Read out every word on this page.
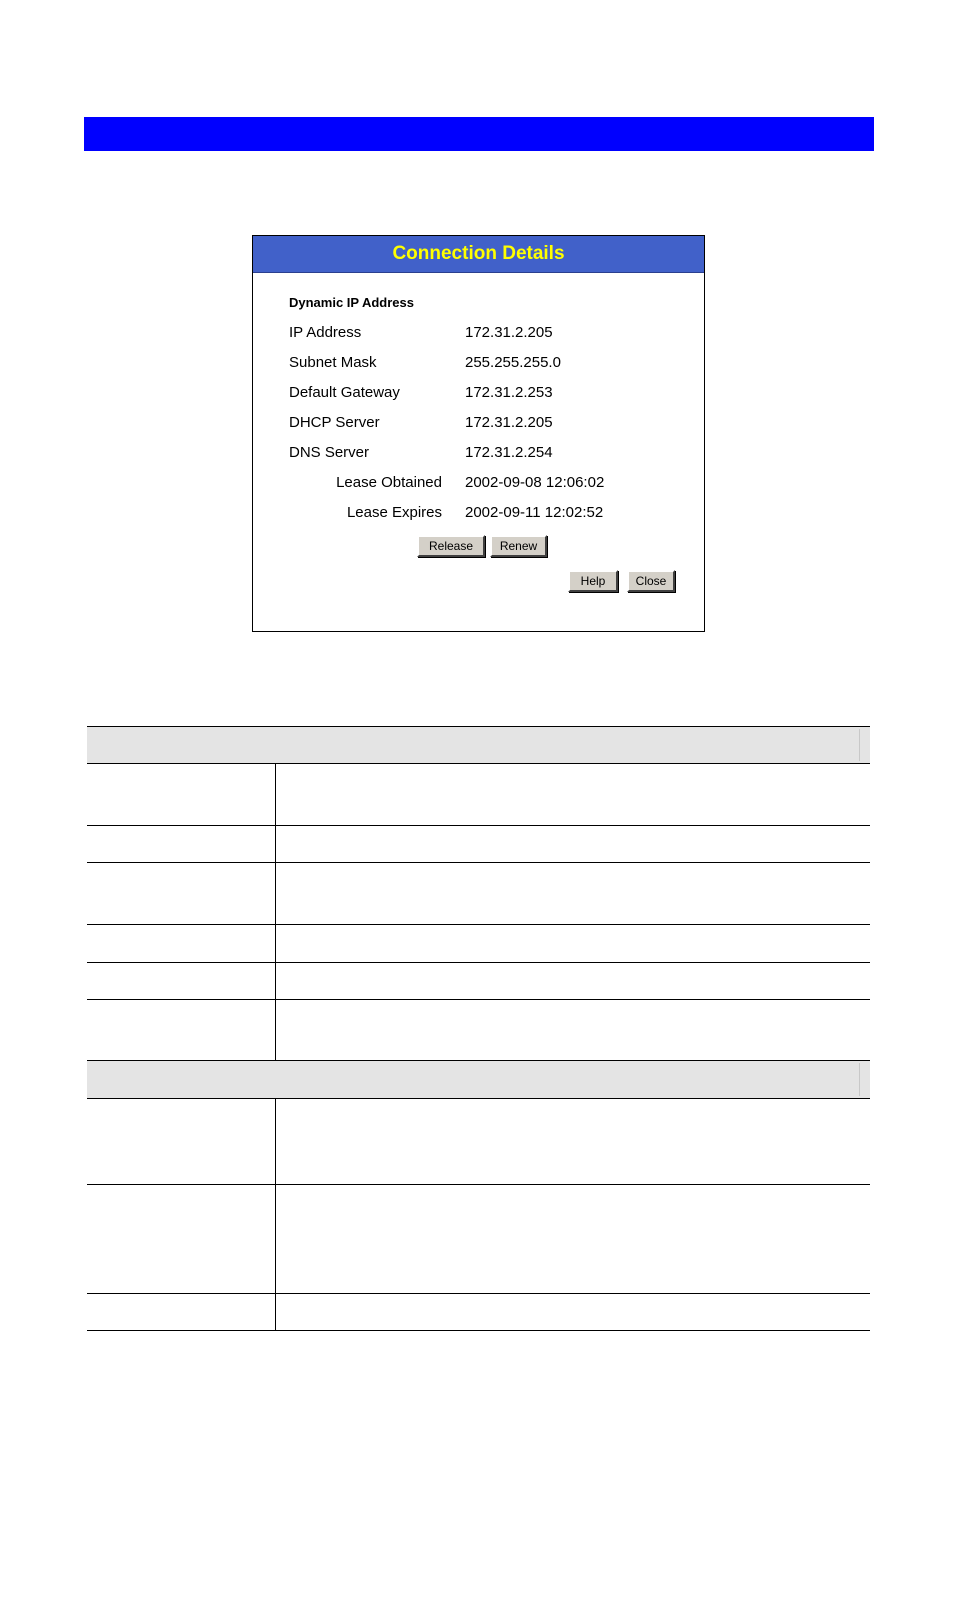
Connection Details
Dynamic IP Address
IP Address	172.31.2.205
Subnet Mask	255.255.255.0
Default Gateway	172.31.2.253
DHCP Server	172.31.2.205
DNS Server	172.31.2.254
Lease Obtained 2002-09-08 12:06:02
Lease Expires 2002-09-11 12:02:52
Release	Renew
Help	Close
